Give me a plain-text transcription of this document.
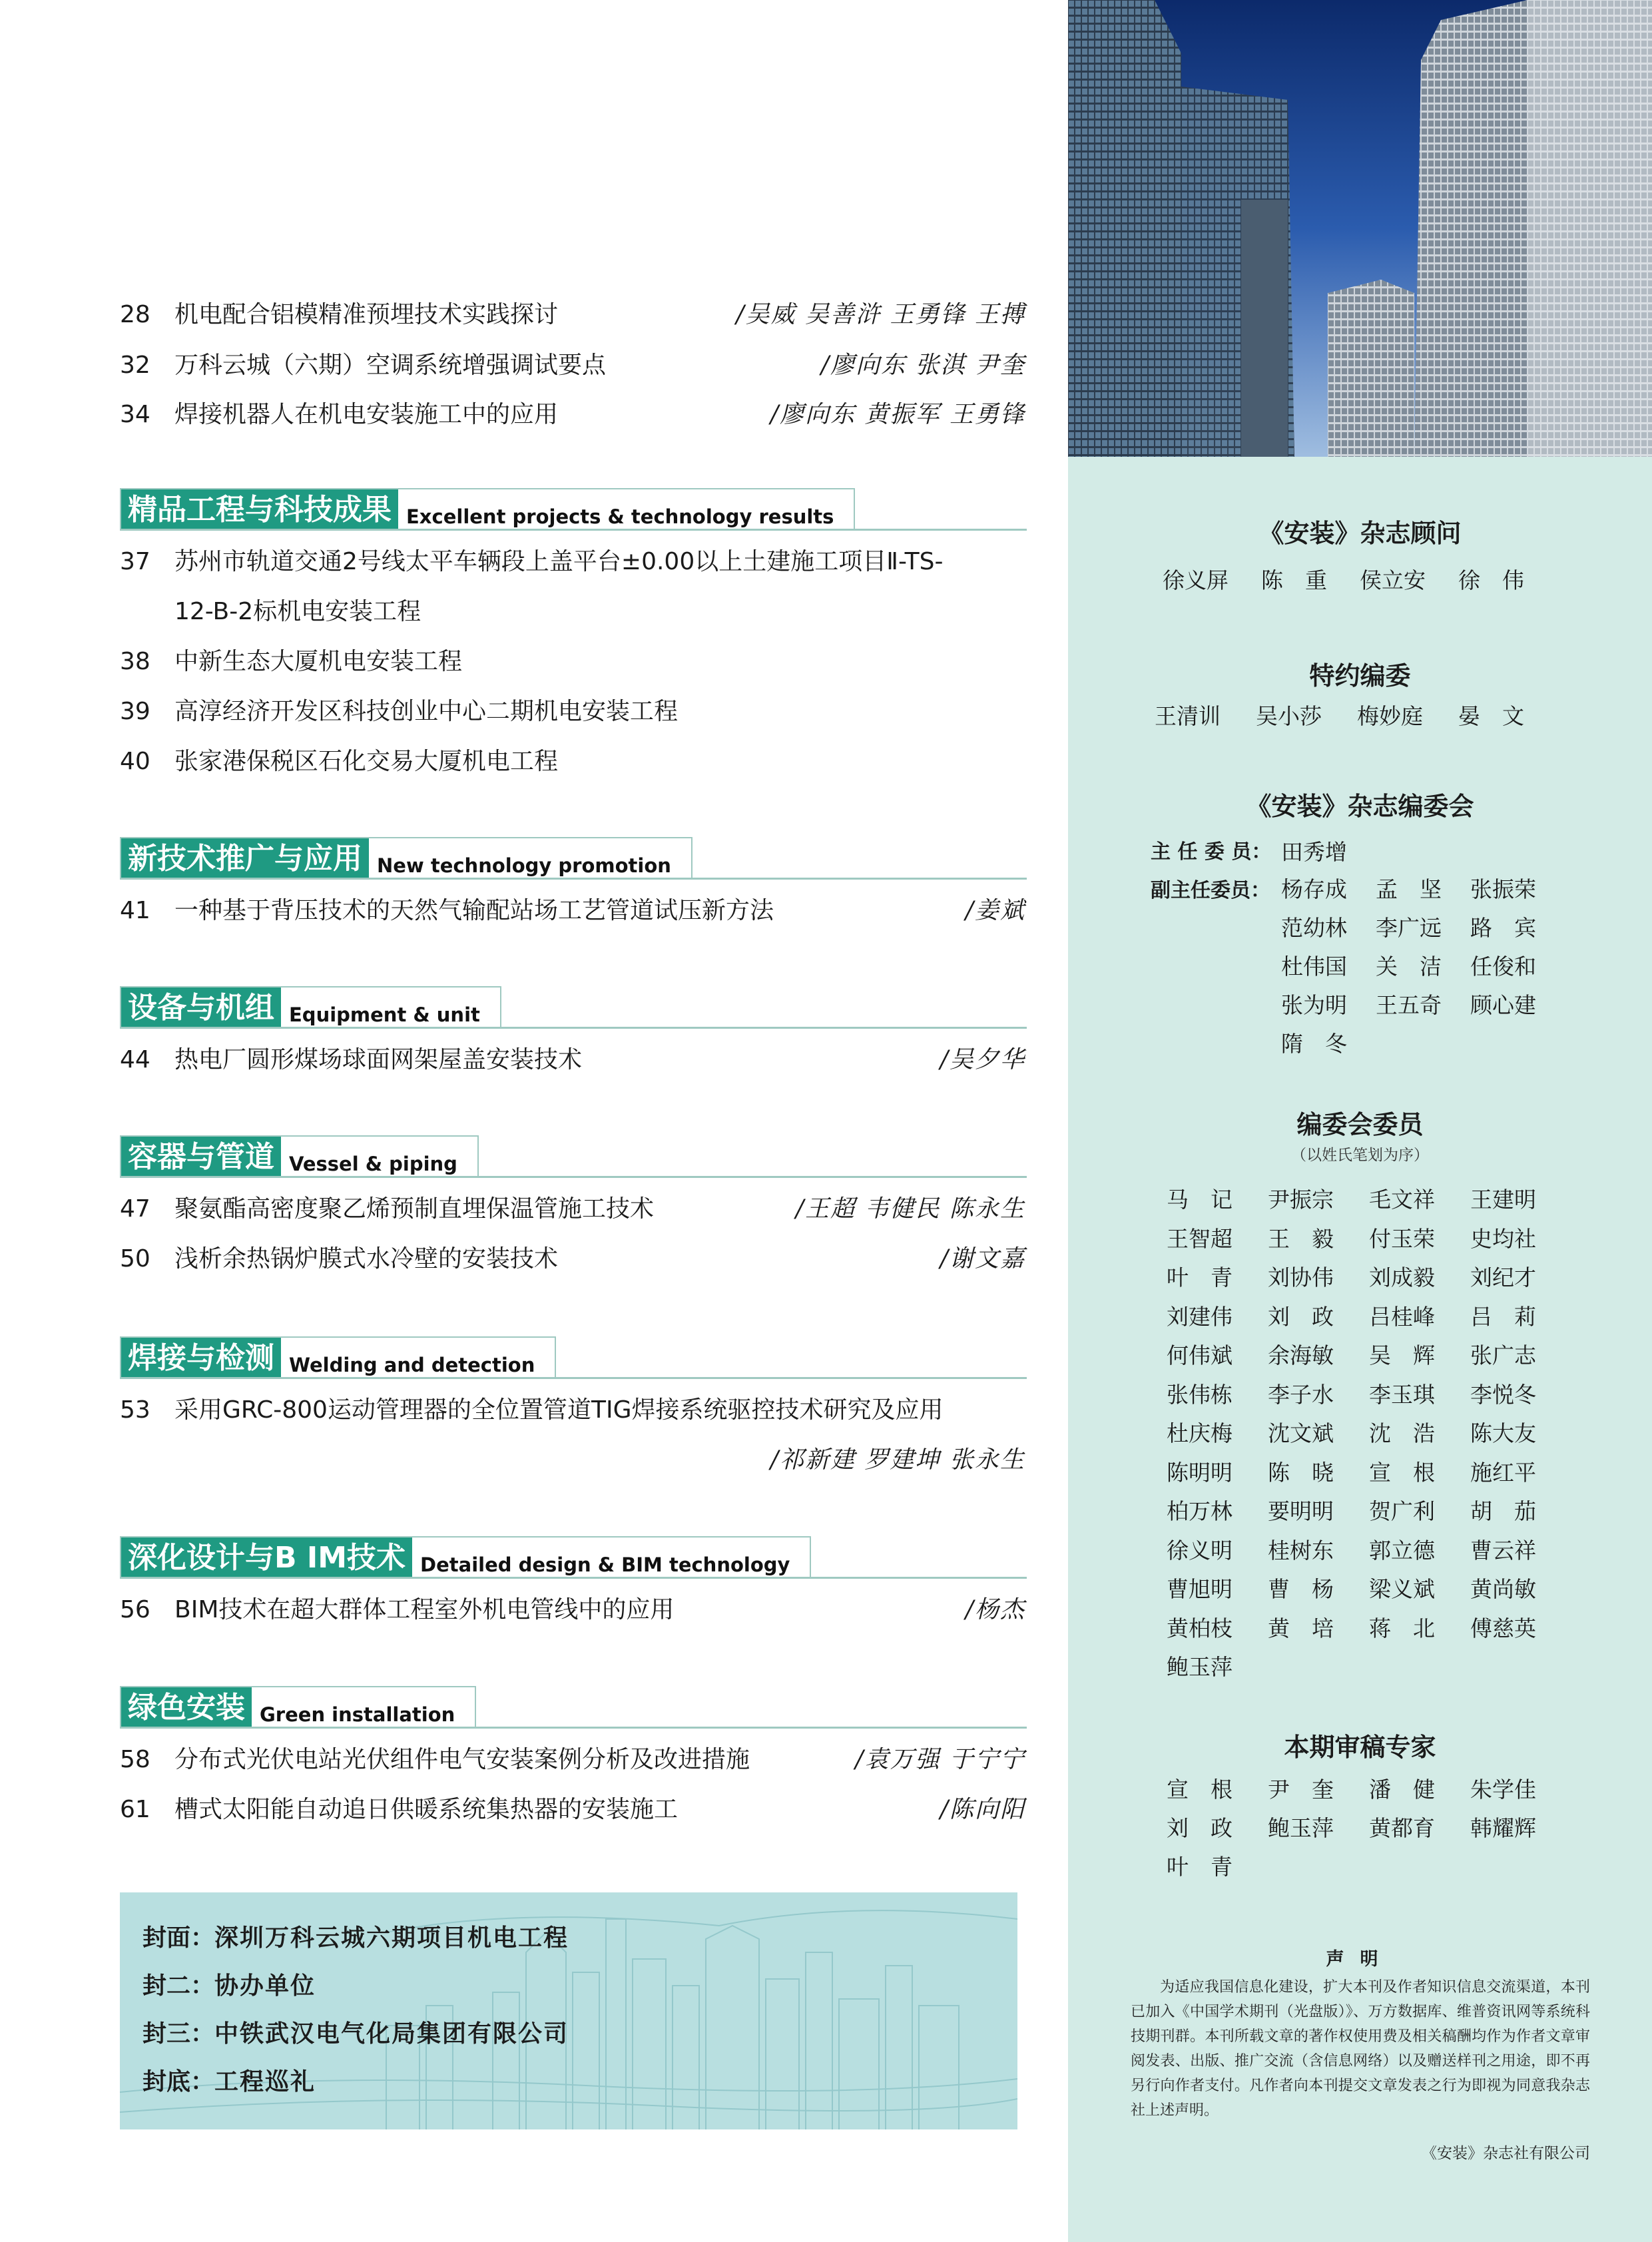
28	机电配合铝模精准预埋技术实践探讨	/吴威 吴善浒 王勇锋 王搏
32	万科云城（六期）空调系统增强调试要点	/廖向东 张淇 尹奎
34	焊接机器人在机电安装施工中的应用	/廖向东 黄振军 王勇锋
精品工程与科技成果 Excellent projects & technology results
37	苏州市轨道交通2号线太平车辆段上盖平台±0.00以上土建施工项目Ⅱ-TS-
12-B-2标机电安装工程
38	中新生态大厦机电安装工程
39	高淳经济开发区科技创业中心二期机电安装工程
40	张家港保税区石化交易大厦机电工程
新技术推广与应用 New technology promotion
41	一种基于背压技术的天然气输配站场工艺管道试压新方法	/姜斌
设备与机组 Equipment & unit
44	热电厂圆形煤场球面网架屋盖安装技术	/吴夕华
容器与管道 Vessel & piping
47	聚氨酯高密度聚乙烯预制直埋保温管施工技术	/王超 韦健民 陈永生
50	浅析余热锅炉膜式水冷壁的安装技术	/谢文嘉
焊接与检测 Welding and detection
53	采用GRC-800运动管理器的全位置管道TIG焊接系统驱控技术研究及应用
/祁新建 罗建坤 张永生
深化设计与B IM技术 Detailed design & BIM technology
56	BIM技术在超大群体工程室外机电管线中的应用	/杨杰
绿色安装 Green installation
58	分布式光伏电站光伏组件电气安装案例分析及改进措施	/袁万强 于宁宁
61	槽式太阳能自动追日供暖系统集热器的安装施工	/陈向阳
封面：深圳万科云城六期项目机电工程
封二：协办单位
封三：中铁武汉电气化局集团有限公司
封底：工程巡礼
《安装》杂志顾问
徐义屏 陈　重 侯立安 徐　伟
特约编委
王清训 吴小莎 梅妙庭 晏　文
《安装》杂志编委会
主 任 委 员： 田秀增
副主任委员： 杨存成 孟　坚 张振荣
范幼林 李广远 路　宾
杜伟国 关　洁 任俊和
张为明 王五奇 顾心建
隋　冬
编委会委员
（以姓氏笔划为序）
马　记 尹振宗 毛文祥 王建明
王智超 王　毅 付玉荣 史均社
叶　青 刘协伟 刘成毅 刘纪才
刘建伟 刘　政 吕桂峰 吕　莉
何伟斌 余海敏 吴　辉 张广志
张伟栋 李子水 李玉琪 李悦冬
杜庆梅 沈文斌 沈　浩 陈大友
陈明明 陈　晓 宣　根 施红平
柏万林 要明明 贺广利 胡　茄
徐义明 桂树东 郭立德 曹云祥
曹旭明 曹　杨 梁义斌 黄尚敏
黄柏枝 黄　培 蒋　北 傅慈英
鲍玉萍
本期审稿专家
宣　根 尹　奎 潘　健 朱学佳
刘　政 鲍玉萍 黄都育 韩耀辉
叶　青
声明
为适应我国信息化建设，扩大本刊及作者知识信息交流渠道，本刊已加入《中国学术期刊（光盘版）》、万方数据库、维普资讯网等系统科技期刊群。本刊所载文章的著作权使用费及相关稿酬均作为作者文章审阅发表、出版、推广交流（含信息网络）以及赠送样刊之用途，即不再另行向作者支付。凡作者向本刊提交文章发表之行为即视为同意我杂志社上述声明。
《安装》杂志社有限公司
